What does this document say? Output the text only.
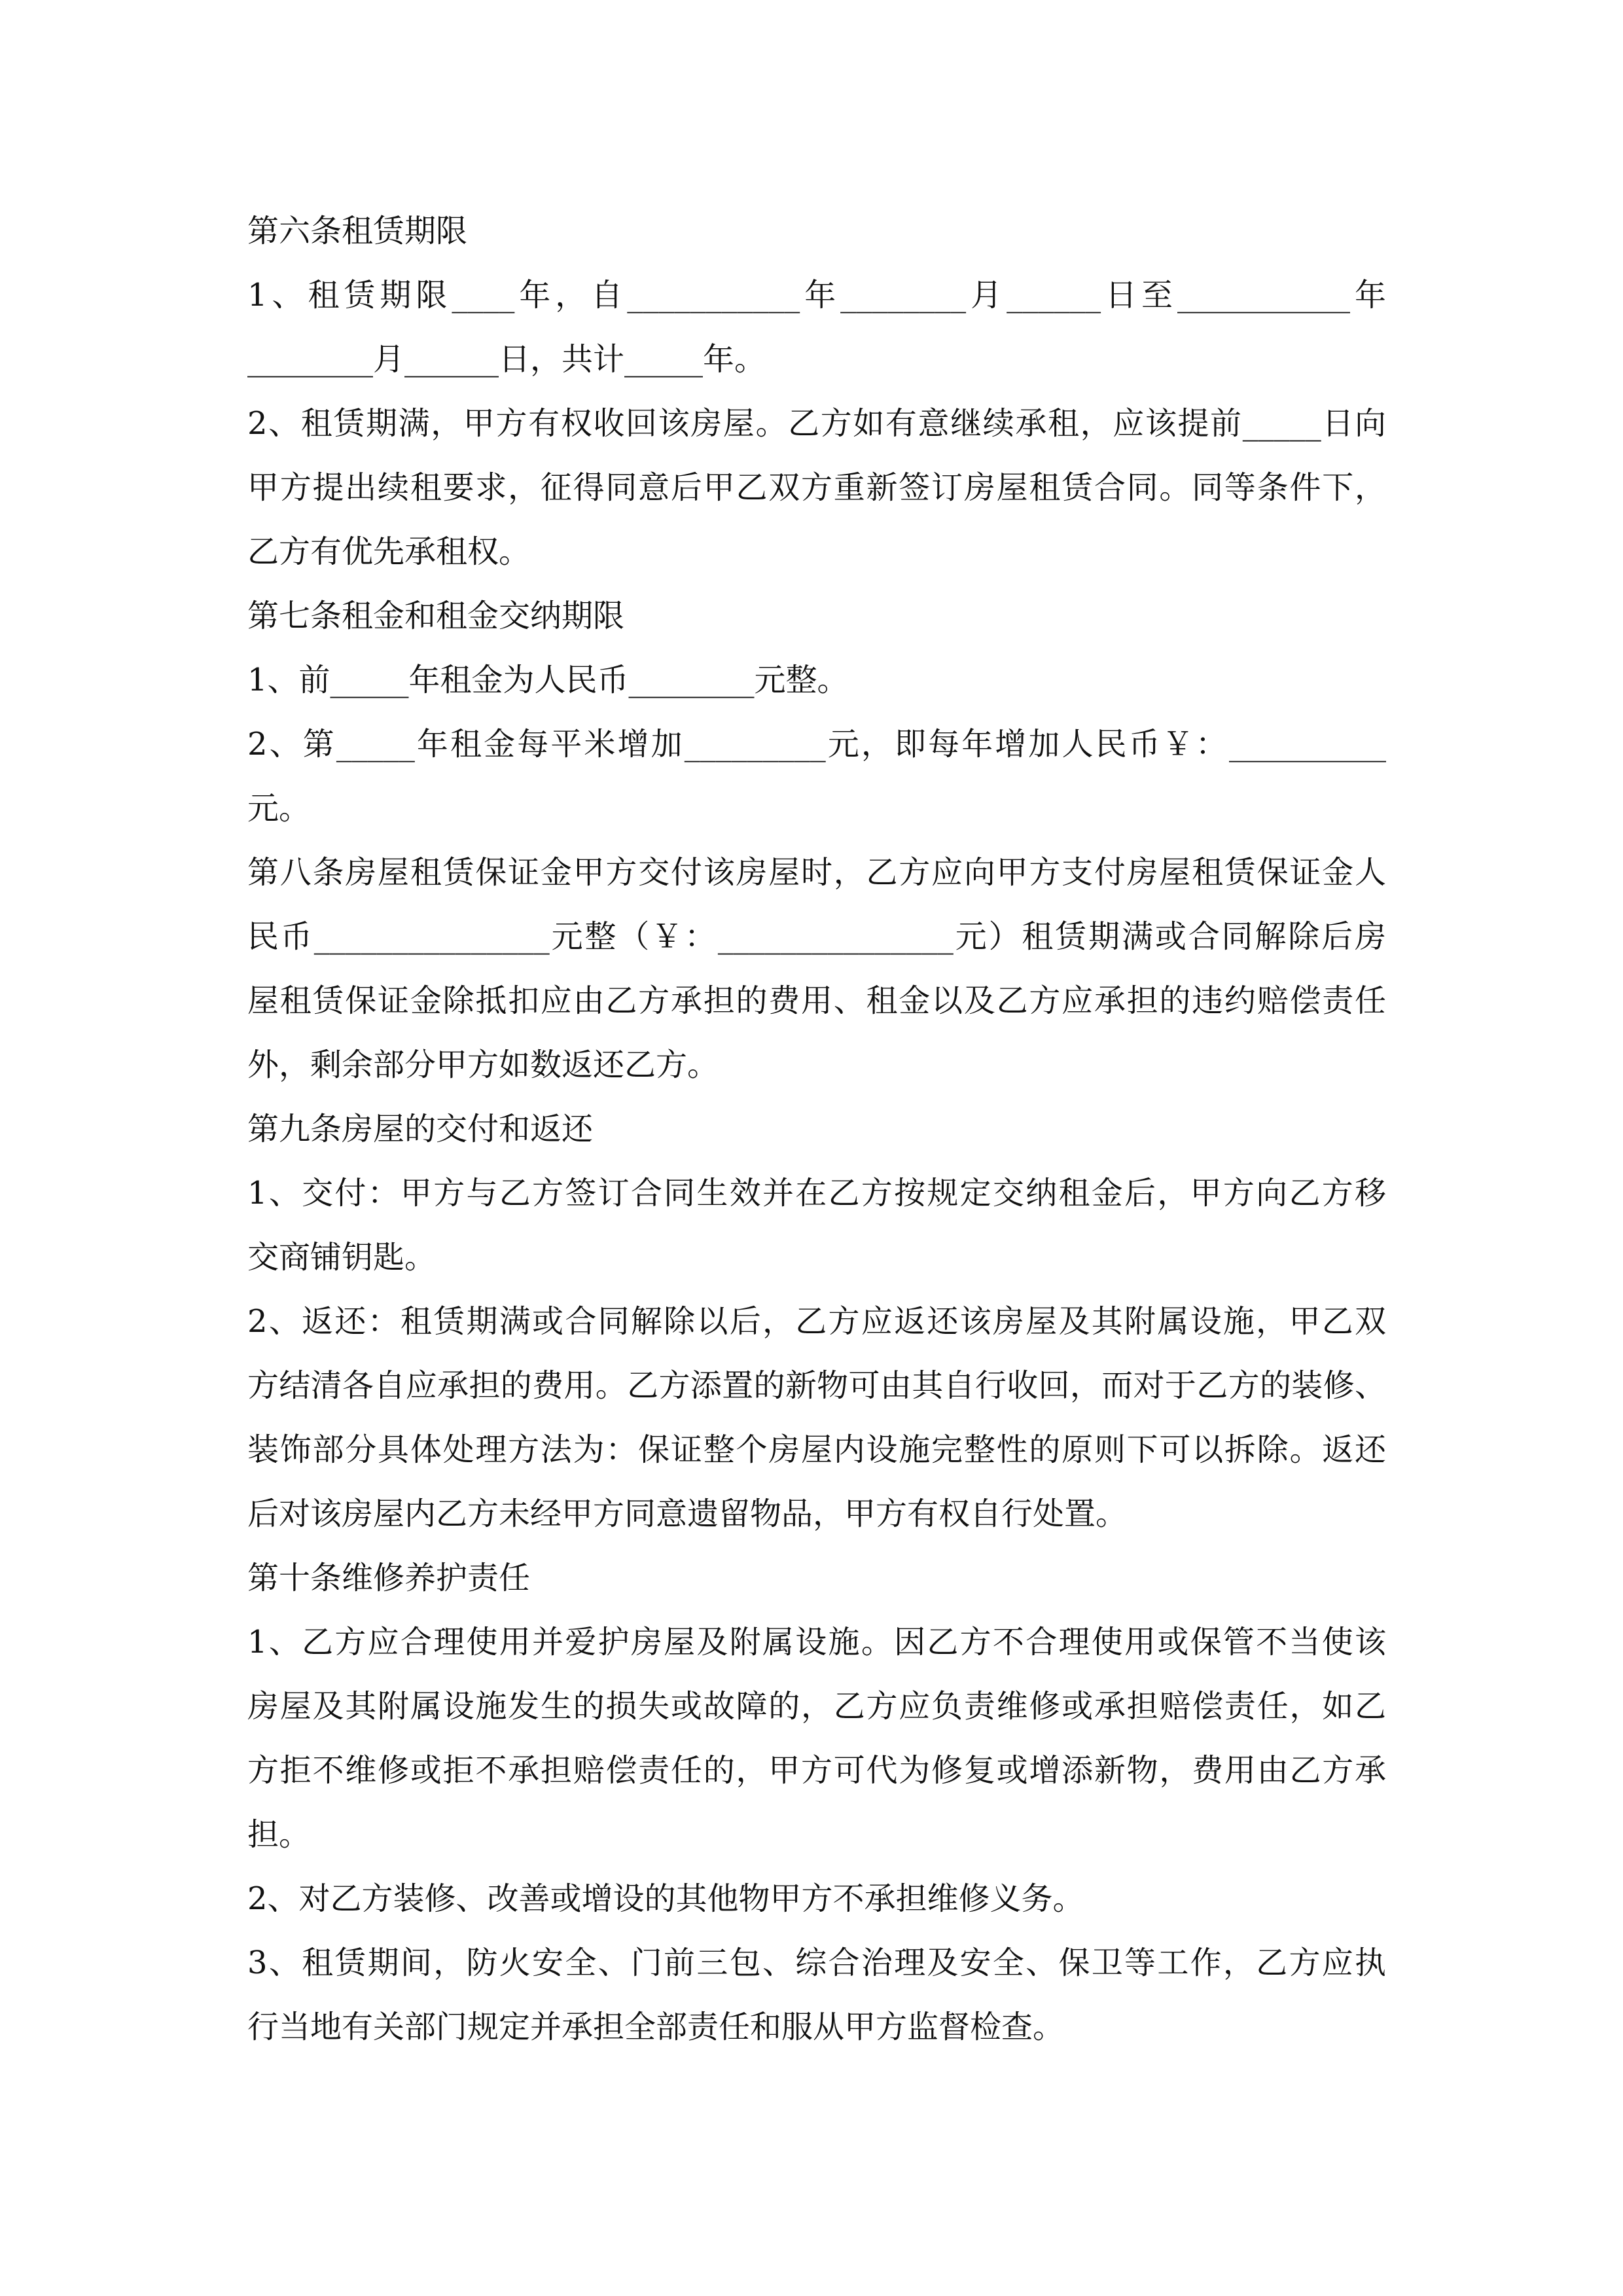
第六条租赁期限
1、租赁期限____年，自___________年________月______日至___________年
________月______日，共计_____年。
2、租赁期满，甲方有权收回该房屋。乙方如有意继续承租，应该提前_____日向
甲方提出续租要求，征得同意后甲乙双方重新签订房屋租赁合同。同等条件下，
乙方有优先承租权。
第七条租金和租金交纳期限
1、前_____年租金为人民币________元整。
2、第_____年租金每平米增加_________元，即每年增加人民币￥：__________
元。
第八条房屋租赁保证金甲方交付该房屋时，乙方应向甲方支付房屋租赁保证金人
民币_______________元整（￥：_______________元）租赁期满或合同解除后房
屋租赁保证金除抵扣应由乙方承担的费用、租金以及乙方应承担的违约赔偿责任
外，剩余部分甲方如数返还乙方。
第九条房屋的交付和返还
1、交付：甲方与乙方签订合同生效并在乙方按规定交纳租金后，甲方向乙方移
交商铺钥匙。
2、返还：租赁期满或合同解除以后，乙方应返还该房屋及其附属设施，甲乙双
方结清各自应承担的费用。乙方添置的新物可由其自行收回，而对于乙方的装修、
装饰部分具体处理方法为：保证整个房屋内设施完整性的原则下可以拆除。返还
后对该房屋内乙方未经甲方同意遗留物品，甲方有权自行处置。
第十条维修养护责任
1、乙方应合理使用并爱护房屋及附属设施。因乙方不合理使用或保管不当使该
房屋及其附属设施发生的损失或故障的，乙方应负责维修或承担赔偿责任，如乙
方拒不维修或拒不承担赔偿责任的，甲方可代为修复或增添新物，费用由乙方承
担。
2、对乙方装修、改善或增设的其他物甲方不承担维修义务。
3、租赁期间，防火安全、门前三包、综合治理及安全、保卫等工作，乙方应执
行当地有关部门规定并承担全部责任和服从甲方监督检查。
